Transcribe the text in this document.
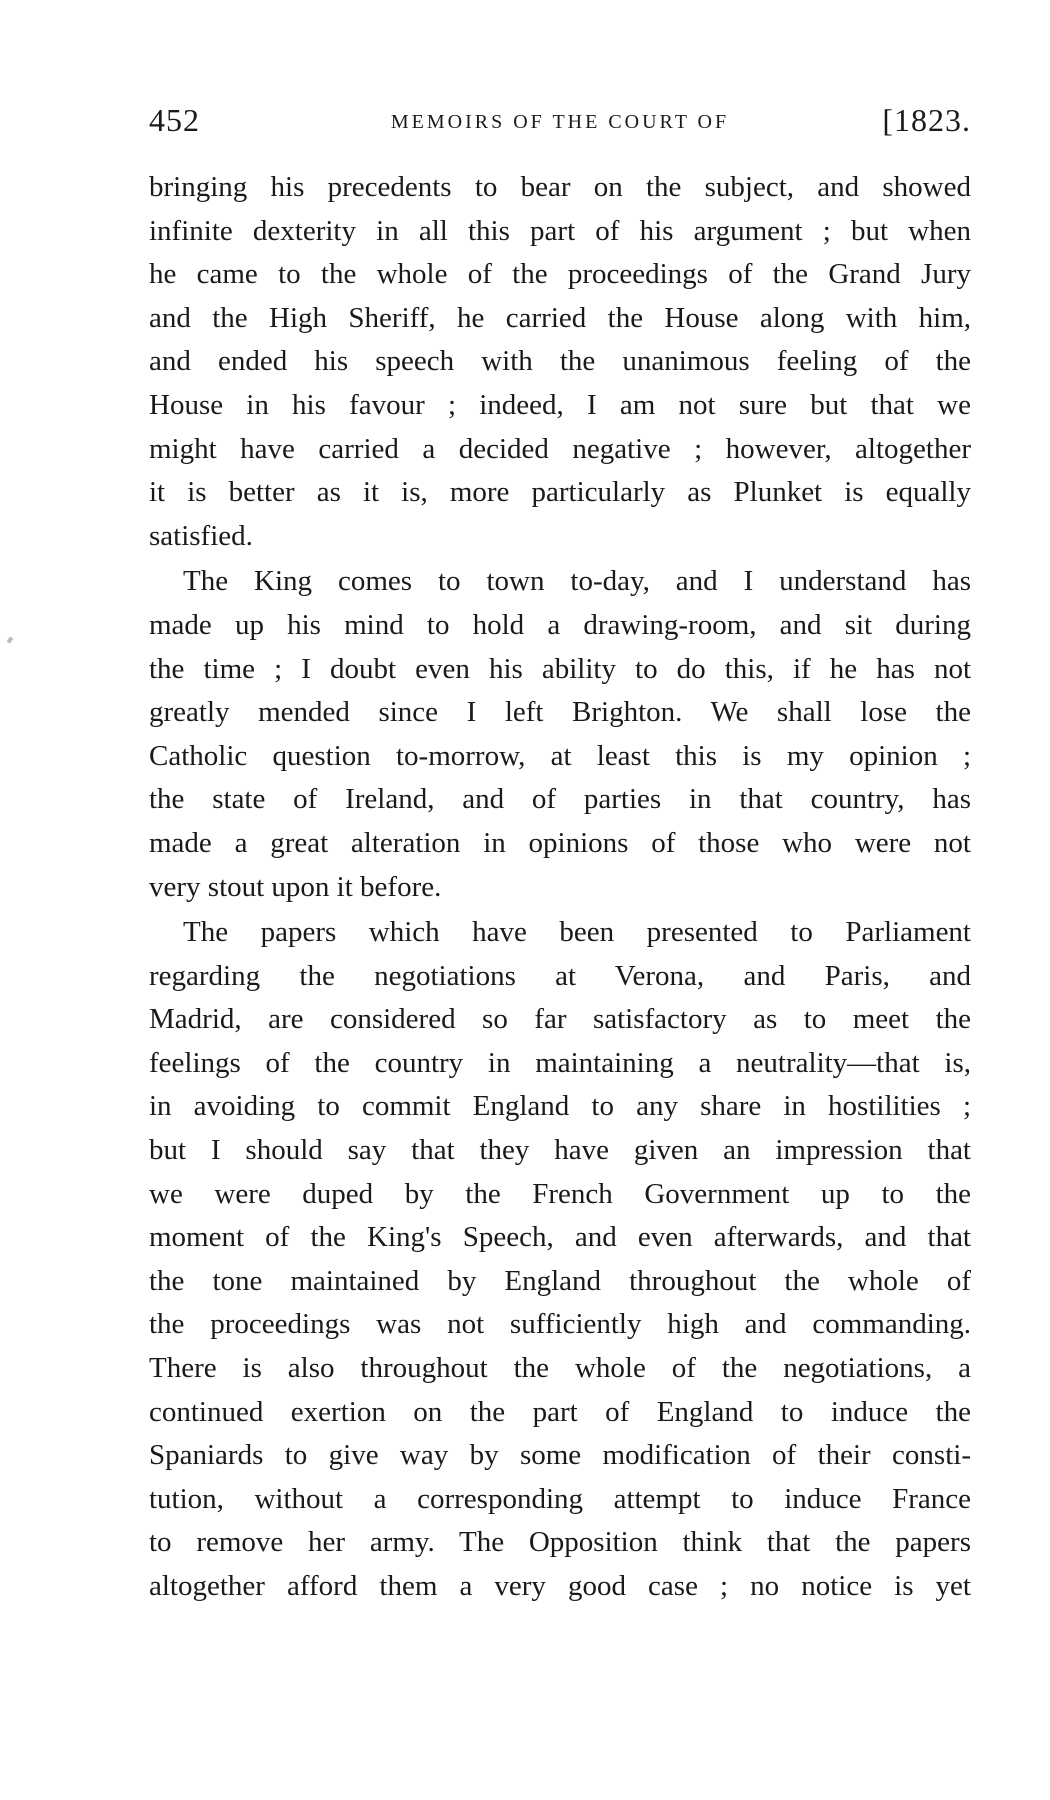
452	MEMOIRS OF THE COURT OF	[1823.
bringing his precedents to bear on the subject, and showed
infinite dexterity in all this part of his argument ; but when
he came to the whole of the proceedings of the Grand Jury
and the High Sheriff, he carried the House along with him,
and ended his speech with the unanimous feeling of the
House in his favour ; indeed, I am not sure but that we
might have carried a decided negative ; however, altogether
it is better as it is, more particularly as Plunket is equally
satisfied.
The King comes to town to-day, and I understand has
made up his mind to hold a drawing-room, and sit during
the time ; I doubt even his ability to do this, if he has not
greatly mended since I left Brighton. We shall lose the
Catholic question to-morrow, at least this is my opinion ;
the state of Ireland, and of parties in that country, has
made a great alteration in opinions of those who were not
very stout upon it before.
The papers which have been presented to Parliament
regarding the negotiations at Verona, and Paris, and
Madrid, are considered so far satisfactory as to meet the
feelings of the country in maintaining a neutrality—that is,
in avoiding to commit England to any share in hostilities ;
but I should say that they have given an impression that
we were duped by the French Government up to the
moment of the King's Speech, and even afterwards, and that
the tone maintained by England throughout the whole of
the proceedings was not sufficiently high and commanding.
There is also throughout the whole of the negotiations, a
continued exertion on the part of England to induce the
Spaniards to give way by some modification of their consti-
tution, without a corresponding attempt to induce France
to remove her army. The Opposition think that the papers
altogether afford them a very good case ; no notice is yet
